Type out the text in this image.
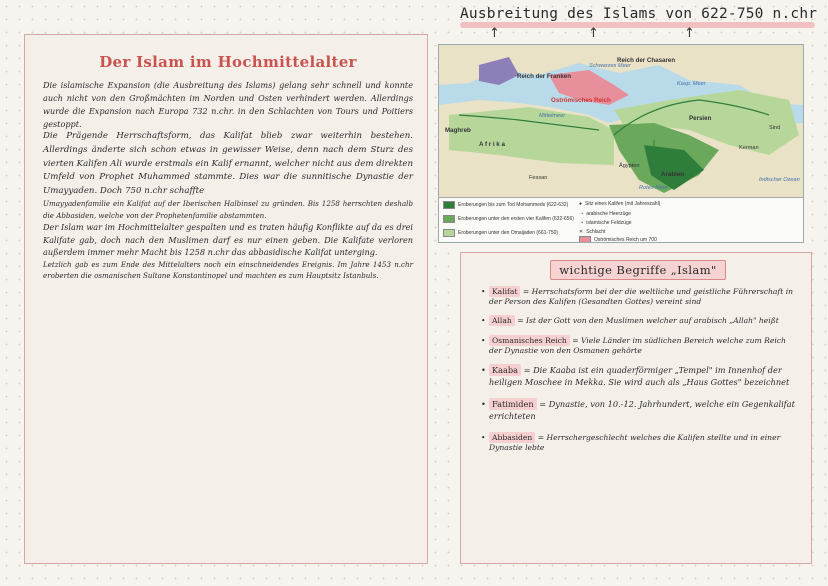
Der Islam im Hochmittelalter

Die islamische Expansion (die Ausbreitung des Islams) gelang sehr schnell und konnte auch nicht von den Großmächten im Norden und Osten verhindert werden. Allerdings wurde die Expansion nach Europa 732 n.chr. in den Schlachten von Tours und Poitiers gestoppt.

Die Prägende Herrschaftsform, das Kalifat blieb zwar weiterhin bestehen. Allerdings änderte sich schon etwas in gewisser Weise, denn nach dem Sturz des vierten Kalifen Ali wurde erstmals ein Kalif ernannt, welcher nicht aus dem direkten Umfeld von Prophet Muhammed stammte. Dies war die sunnitische Dynastie der Umayyaden. Doch 750 n.chr schaffte

Umayyadenfamilie ein Kalifat auf der Iberischen Halbinsel zu gründen. Bis 1258 herrschten deshalb die Abbasiden, welche von der Prophetenfamilie abstammten.

Der Islam war im Hochmittelalter gespalten und es traten häufig Konflikte auf da es drei Kalifate gab, doch nach den Muslimen darf es nur einen geben. Die Kalifate verloren außerdem immer mehr Macht bis 1258 n.chr das abbasidische Kalifat unterging.

Letzlich gab es zum Ende des Mittelalters noch ein einschneidendes Ereignis. Im Jahre 1453 n.chr eroberten die osmanischen Sultane Konstantinopel und machten es zum Hauptsitz Istanbuls.

Ausbreitung des Islams von 622-750 n.chr
↑	↑	↑
Reich der Franken
Reich der Chasaren
Oströmisches Reich
Maghreb
A f r i k a
Fessan	Arabien
Persien
Indischer Ozean
Ägypten
Sind
Kerman
Kasp. Meer
Schwarzes Meer
Mittelmeer
Rotes Meer
Eroberungen bis zum Tod Mohammeds (622-632)
Eroberungen unter den ersten vier Kalifen (632-656)
Eroberungen unter den Omaijaden (661-750)
● Sitz eines Kalifen (mit Jahreszahl)
➝ arabische Heerzüge
➝ islamische Feldzüge
✕ Schlacht
Oströmisches Reich um 700
wichtige Begriffe „Islam"
• Kalifat = Herrschatsform bei der die weltliche und geistliche Führerschaft in der Person des Kalifen (Gesandten Gottes) vereint sind
• Allah = Ist der Gott von den Muslimen welcher auf arabisch „Allah" heißt
• Osmanisches Reich = Viele Länder im südlichen Bereich welche zum Reich der Dynastie von den Osmanen gehörte
• Kaaba = Die Kaaba ist ein quaderförmiger „Tempel" im Innenhof der heiligen Moschee in Mekka. Sie wird auch als „Haus Gottes" bezeichnet
• Fatimiden = Dynastie, von 10.-12. Jahrhundert, welche ein Gegenkalifat errichteten
• Abbasiden = Herrschergeschlecht welches die Kalifen stellte und in einer Dynastie lebte
